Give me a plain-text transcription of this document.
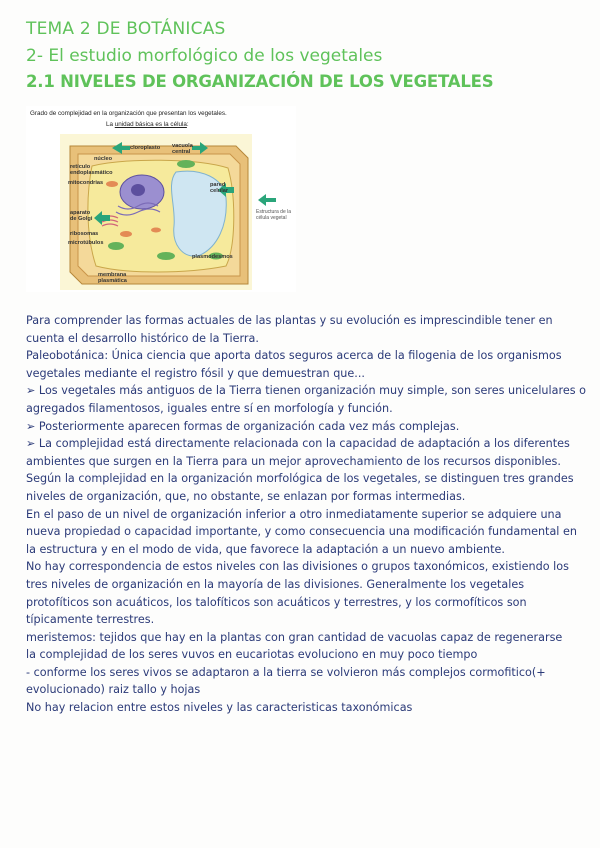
TEMA 2 DE BOTÁNICAS
2- El estudio morfológico de los vegetales
2.1 NIVELES DE ORGANIZACIÓN DE LOS VEGETALES
Grado de complejidad en la organización que presentan los vegetales.
La unidad básica es la célula:
cloroplasto vacuola central
núcleo
retículo endoplasmático
mitocondrias	pared celular
aparato de Golgi
ribosomas
microtúbulos
plasmodesmos
membrana plasmática
Estructura de la célula vegetal

Para comprender las formas actuales de las plantas y su evolución es imprescindible tener en cuenta el desarrollo histórico de la Tierra.

Paleobotánica: Única ciencia que aporta datos seguros acerca de la filogenia de los organismos vegetales mediante el registro fósil y que demuestran que...

➢ Los vegetales más antiguos de la Tierra tienen organización muy simple, son seres unicelulares o agregados filamentosos, iguales entre sí en morfología y función.

➢ Posteriormente aparecen formas de organización cada vez más complejas.

➢ La complejidad está directamente relacionada con la capacidad de adaptación a los diferentes ambientes que surgen en la Tierra para un mejor aprovechamiento de los recursos disponibles.

Según la complejidad en la organización morfológica de los vegetales, se distinguen tres grandes niveles de organización, que, no obstante, se enlazan por formas intermedias.

En el paso de un nivel de organización inferior a otro inmediatamente superior se adquiere una nueva propiedad o capacidad importante, y como consecuencia una modificación fundamental en la estructura y en el modo de vida, que favorece la adaptación a un nuevo ambiente.

No hay correspondencia de estos niveles con las divisiones o grupos taxonómicos, existiendo los tres niveles de organización en la mayoría de las divisiones. Generalmente los vegetales protofíticos son acuáticos, los talofíticos son acuáticos y terrestres, y los cormofíticos son típicamente terrestres.

meristemos: tejidos que hay en la plantas con gran cantidad de vacuolas capaz de regenerarse

la complejidad de los seres vuvos en eucariotas evoluciono en muy poco tiempo

- conforme los seres vivos se adaptaron a la tierra se volvieron más complejos cormofitico(+ evolucionado) raiz tallo y hojas

No hay relacion entre estos niveles y las caracteristicas taxonómicas
